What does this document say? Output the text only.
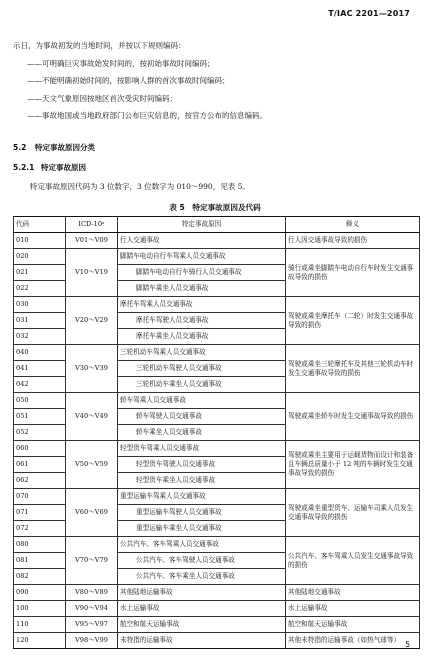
T/IAC 2201—2017
示日，为事故初发的当地时间，并按以下规则编码：
——可明确巨灾事故始发时间的，按初始事故时间编码；
——不能明确初始时间的，按影响人群的首次事故时间编码；
——天文气象原因按地区首次受灾时间编码；
——事故地国或当地政府部门公布巨灾信息的，按官方公布的信息编码。
5.2 特定事故原因分类
5.2.1 特定事故原因
特定事故原因代码为 3 位数字，3 位数字为 010～990，见表 5。
表 5　特定事故原因及代码
代码	ICD-10ᵃ	特定事故原因	释义
010	V01～V09	行人交通事故	行人因交通事故导致的损伤
020	V10～V19	脚踏车电动自行车驾乘人员交通事故	骑行或乘坐脚踏车电动自行车时发生交通事故导致的损伤
021		脚踏车电动自行车骑行人员交通事故	
022		脚踏车乘坐人员交通事故	
030	V20～V29	摩托车驾乘人员交通事故	驾驶或乘坐摩托车（二轮）时发生交通事故导致的损伤
031		摩托车驾驶人员交通事故	
032		摩托车乘坐人员交通事故	
040	V30～V39	三轮机动车驾乘人员交通事故	驾驶或乘坐三轮摩托车及其他三轮机动车时发生交通事故导致的损伤
041		三轮机动车驾驶人员交通事故	
042		三轮机动车乘坐人员交通事故	
050	V40～V49	轿车驾乘人员交通事故	驾驶或乘坐轿车时发生交通事故导致的损伤
051		轿车驾驶人员交通事故	
052		轿车乘坐人员交通事故	
060	V50～V59	轻型货车驾乘人员交通事故	驾驶或乘坐主要用于运载货物而设计和装备且车辆总质量小于 12 吨的车辆时发生交通事故导致的损伤
061		轻型货车驾驶人员交通事故	
062		轻型货车乘坐人员交通事故	
070	V60～V69	重型运输车驾乘人员交通事故	驾驶或乘坐重型货车、运输车司乘人员发生交通事故导致的损伤
071		重型运输车驾驶人员交通事故	
072		重型运输车乘坐人员交通事故	
080	V70～V79	公共汽车、客车驾乘人员交通事故	公共汽车、客车驾乘人员发生交通事故导致的损伤
081		公共汽车、客车驾驶人员交通事故	
082		公共汽车、客车乘坐人员交通事故	
090	V80～V89	其他陆地运输事故	其他陆地交通事故
100	V90～V94	水上运输事故	水上运输事故
110	V95～V97	航空和航天运输事故	航空和航天运输事故
120	V98～V99	未特指的运输事故	其他未特指的运输事故（如热气球等） 5
